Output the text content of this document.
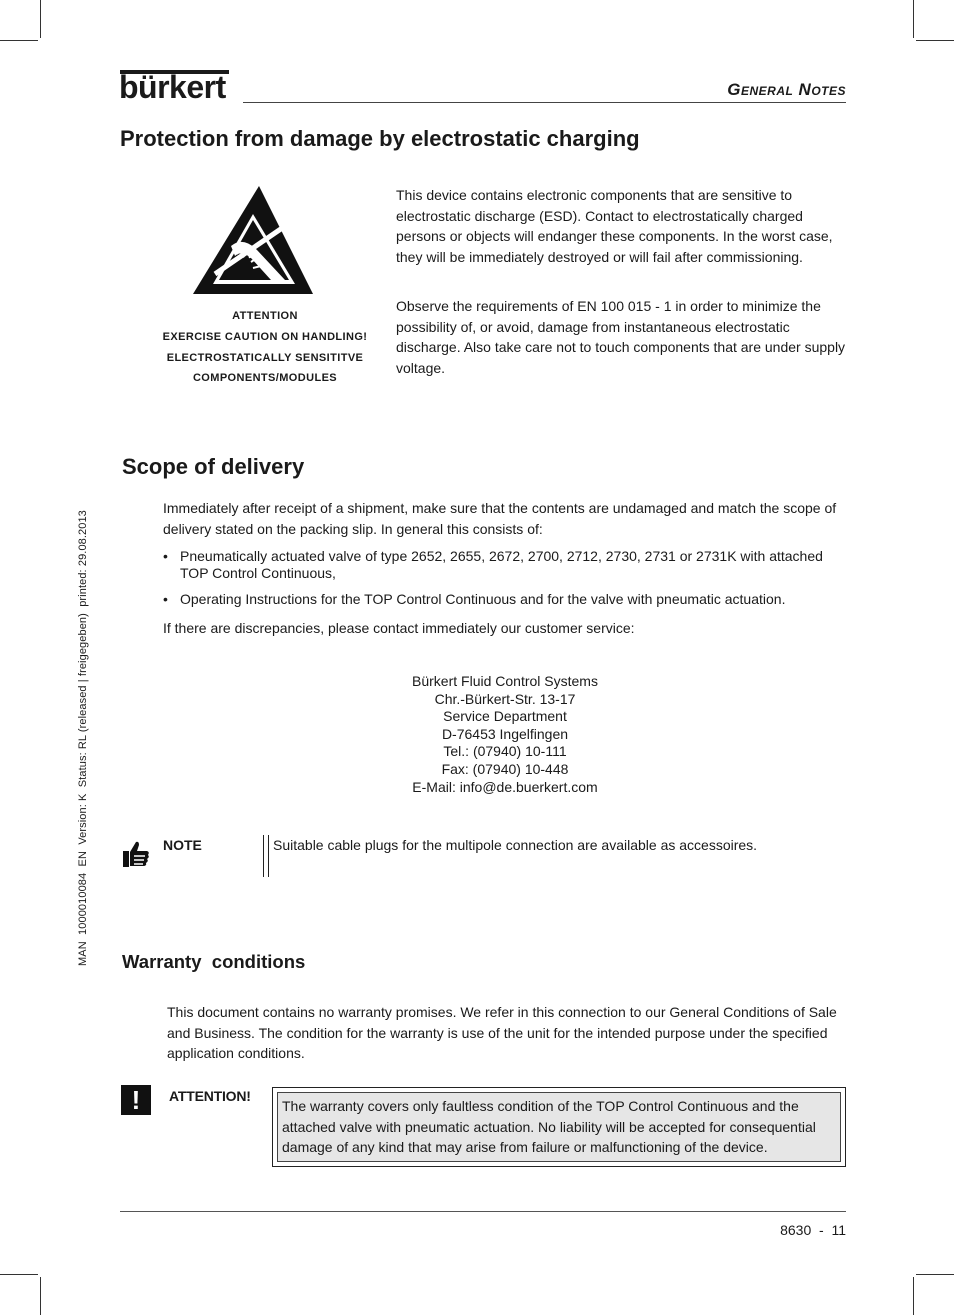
bürkert	General Notes
Protection from damage by electrostatic charging
ATTENTION
EXERCISE CAUTION ON HANDLING!
ELECTROSTATICALLY SENSITITVE
COMPONENTS/MODULES
This device contains electronic components that are sensitive to electrostatic discharge (ESD). Contact to electrostatically charged persons or objects will endanger these components. In the worst case, they will be immediately destroyed or will fail after commissioning.
Observe the requirements of EN 100 015 - 1 in order to minimize the possibility of, or avoid, damage from instantaneous electrostatic discharge. Also take care not to touch components that are under supply voltage.
Scope of delivery
Immediately after receipt of a shipment, make sure that the contents are undamaged and match the scope of delivery stated on the packing slip. In general this consists of:
• Pneumatically actuated valve of type 2652, 2655, 2672, 2700, 2712, 2730, 2731 or 2731K with attached TOP Control Continuous,
• Operating Instructions for the TOP Control Continuous and for the valve with pneumatic actuation.
If there are discrepancies, please contact immediately our customer service:
Bürkert Fluid Control Systems
Chr.-Bürkert-Str. 13-17
Service Department
D-76453 Ingelfingen
Tel.: (07940) 10-111
Fax: (07940) 10-448
E-Mail: info@de.buerkert.com
NOTE	Suitable cable plugs for the multipole connection are available as accessoires.
Warranty  conditions
This document contains no warranty promises. We refer in this connection to our General Conditions of Sale and Business. The condition for the warranty is use of the unit for the intended purpose under the specified application conditions.
!	ATTENTION!
The warranty covers only faultless condition of the TOP Control Continuous and the attached valve with pneumatic actuation. No liability will be accepted for consequential damage of any kind that may arise from failure or malfunctioning of the device.
8630  -  11
MAN  1000010084  EN  Version: K  Status: RL (released | freigegeben)  printed: 29.08.2013
